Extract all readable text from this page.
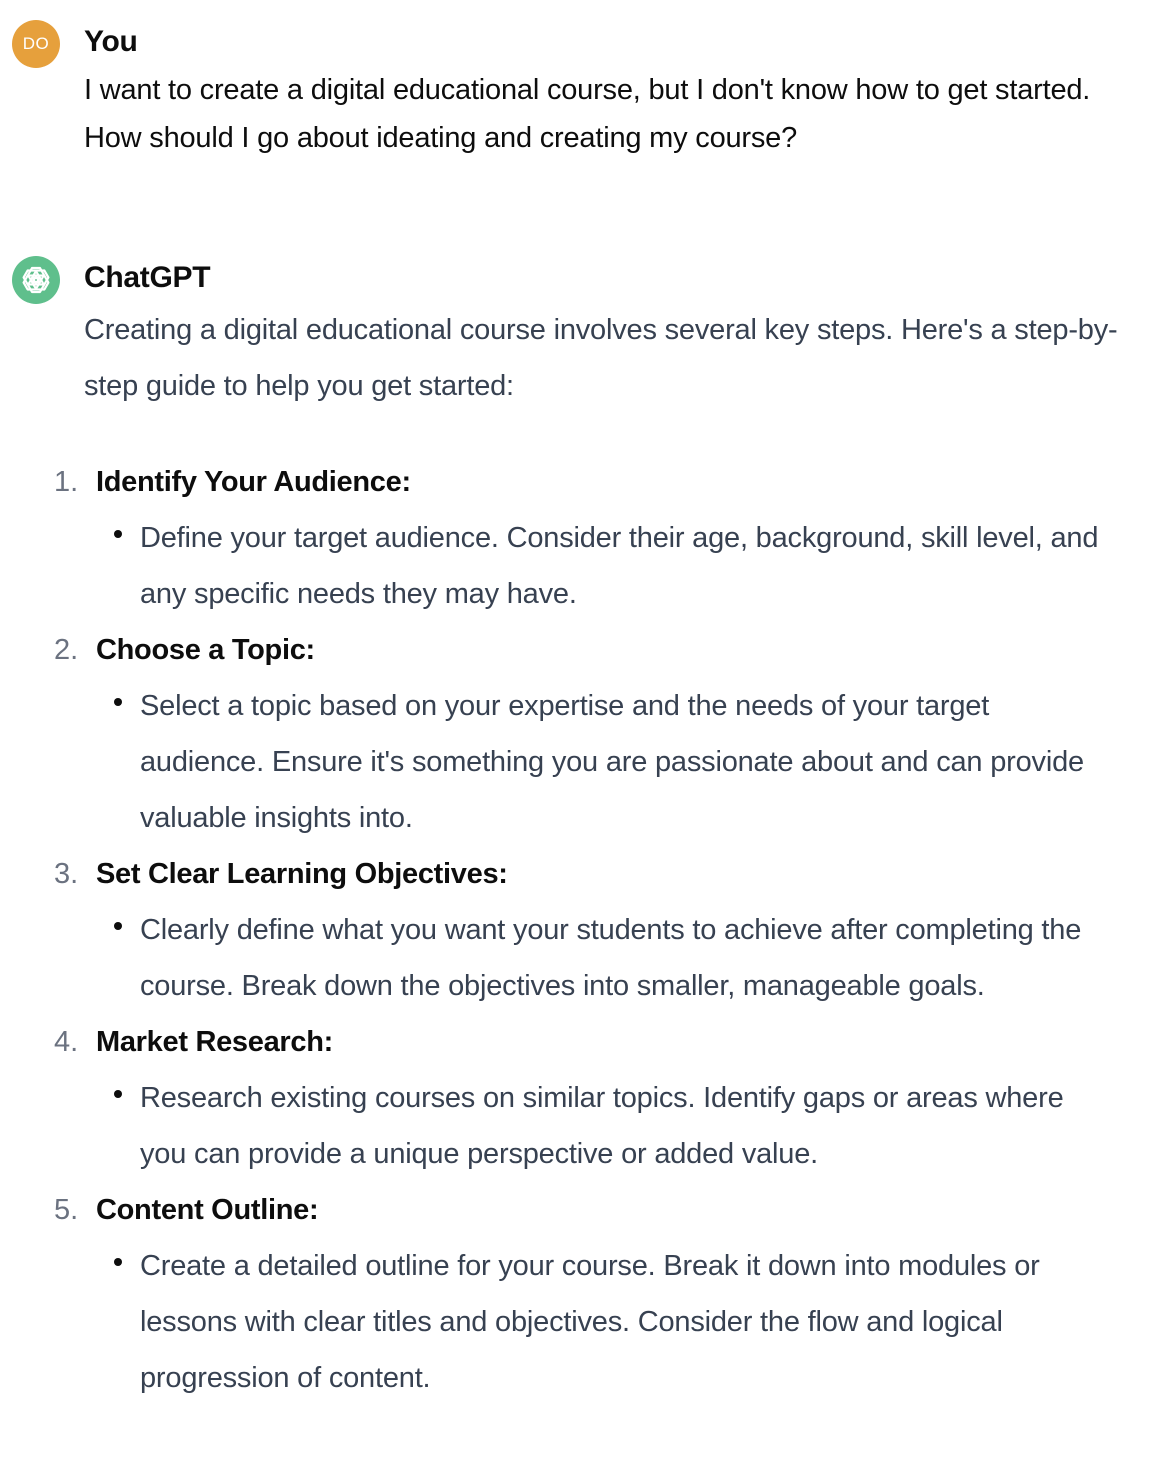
DO You

I want to create a digital educational course, but I don't know how to get started. How should I go about ideating and creating my course?

ChatGPT

Creating a digital educational course involves several key steps. Here's a step-by-step guide to help you get started:

1. Identify Your Audience:
Define your target audience. Consider their age, background, skill level, and any specific needs they may have.
2. Choose a Topic:
Select a topic based on your expertise and the needs of your target audience. Ensure it's something you are passionate about and can provide valuable insights into.
3. Set Clear Learning Objectives:
Clearly define what you want your students to achieve after completing the course. Break down the objectives into smaller, manageable goals.
4. Market Research:
Research existing courses on similar topics. Identify gaps or areas where you can provide a unique perspective or added value.
5. Content Outline:
Create a detailed outline for your course. Break it down into modules or lessons with clear titles and objectives. Consider the flow and logical progression of content.
